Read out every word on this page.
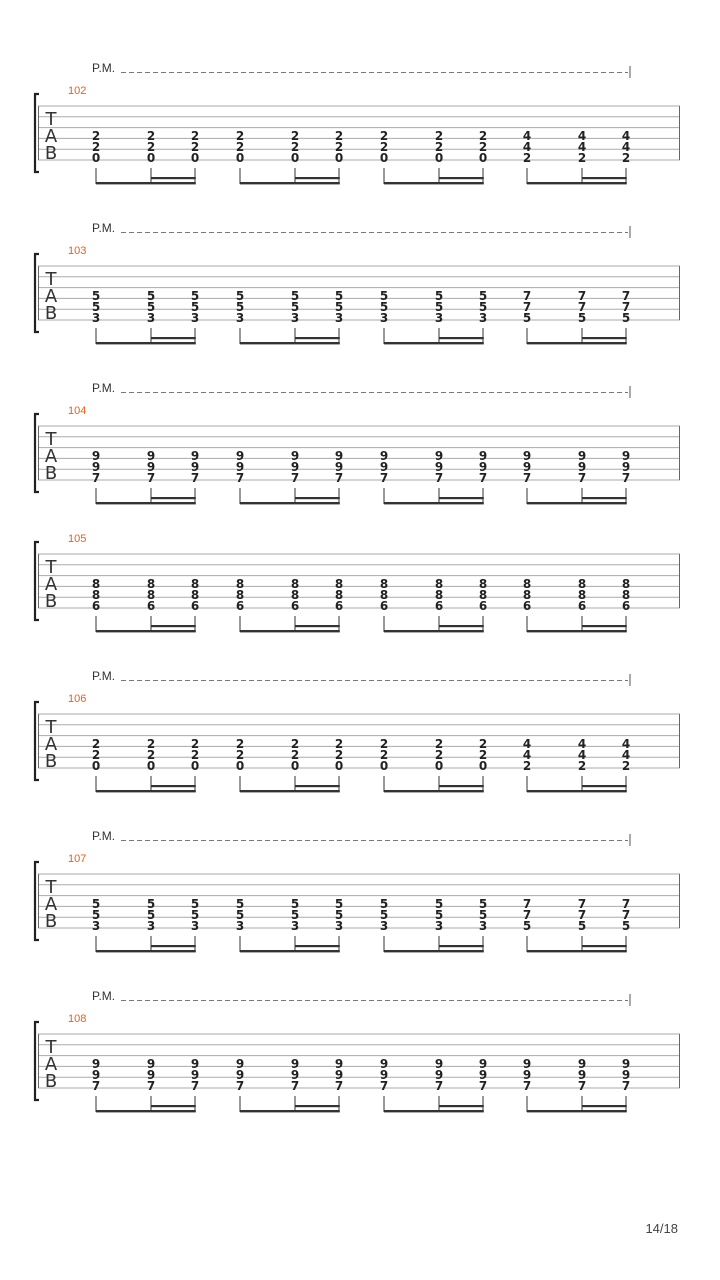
P.M.
102
T
A
B
2
2
0
2
2
0
2
2
0
2
2
0
2
2
0
2
2
0
2
2
0
2
2
0
2
2
0
4
4
2
4
4
2
4
4
2
P.M.
103
T
A
B
5
5
3
5
5
3
5
5
3
5
5
3
5
5
3
5
5
3
5
5
3
5
5
3
5
5
3
7
7
5
7
7
5
7
7
5
P.M.
104
T
A
B
9
9
7
9
9
7
9
9
7
9
9
7
9
9
7
9
9
7
9
9
7
9
9
7
9
9
7
9
9
7
9
9
7
9
9
7
105
T
A
B
8
8
6
8
8
6
8
8
6
8
8
6
8
8
6
8
8
6
8
8
6
8
8
6
8
8
6
8
8
6
8
8
6
8
8
6
P.M.
106
T
A
B
2
2
0
2
2
0
2
2
0
2
2
0
2
2
0
2
2
0
2
2
0
2
2
0
2
2
0
4
4
2
4
4
2
4
4
2
P.M.
107
T
A
B
5
5
3
5
5
3
5
5
3
5
5
3
5
5
3
5
5
3
5
5
3
5
5
3
5
5
3
7
7
5
7
7
5
7
7
5
P.M.
108
T
A
B
9
9
7
9
9
7
9
9
7
9
9
7
9
9
7
9
9
7
9
9
7
9
9
7
9
9
7
9
9
7
9
9
7
9
9
7
14/18
